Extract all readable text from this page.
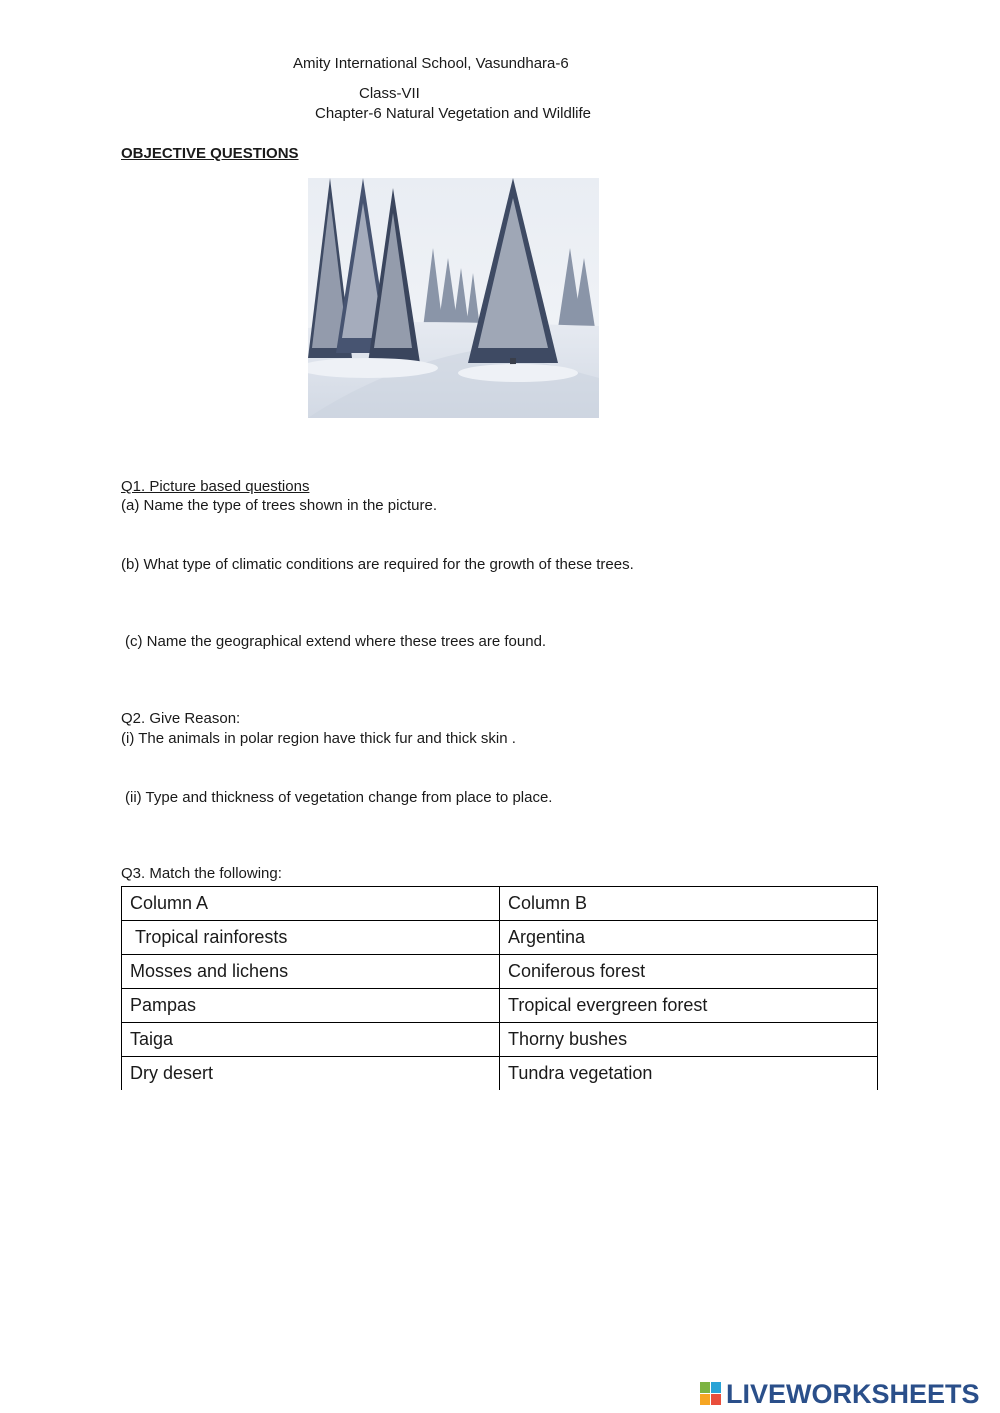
Amity International School, Vasundhara-6
Class-VII
Chapter-6 Natural Vegetation and Wildlife
OBJECTIVE QUESTIONS
Q1. Picture based questions
(a) Name the type of trees shown in the picture.
(b) What type of climatic conditions are required for the growth of these trees.
(c) Name the geographical extend where these trees are found.
Q2. Give Reason:
(i) The animals in polar region have thick fur and thick skin .
(ii) Type and thickness of vegetation change from place to place.
Q3. Match the following:
Column A	Column B
Tropical rainforests	Argentina
Mosses and lichens	Coniferous forest
Pampas	Tropical evergreen forest
Taiga	Thorny bushes
Dry desert	Tundra vegetation
LIVEWORKSHEETS
